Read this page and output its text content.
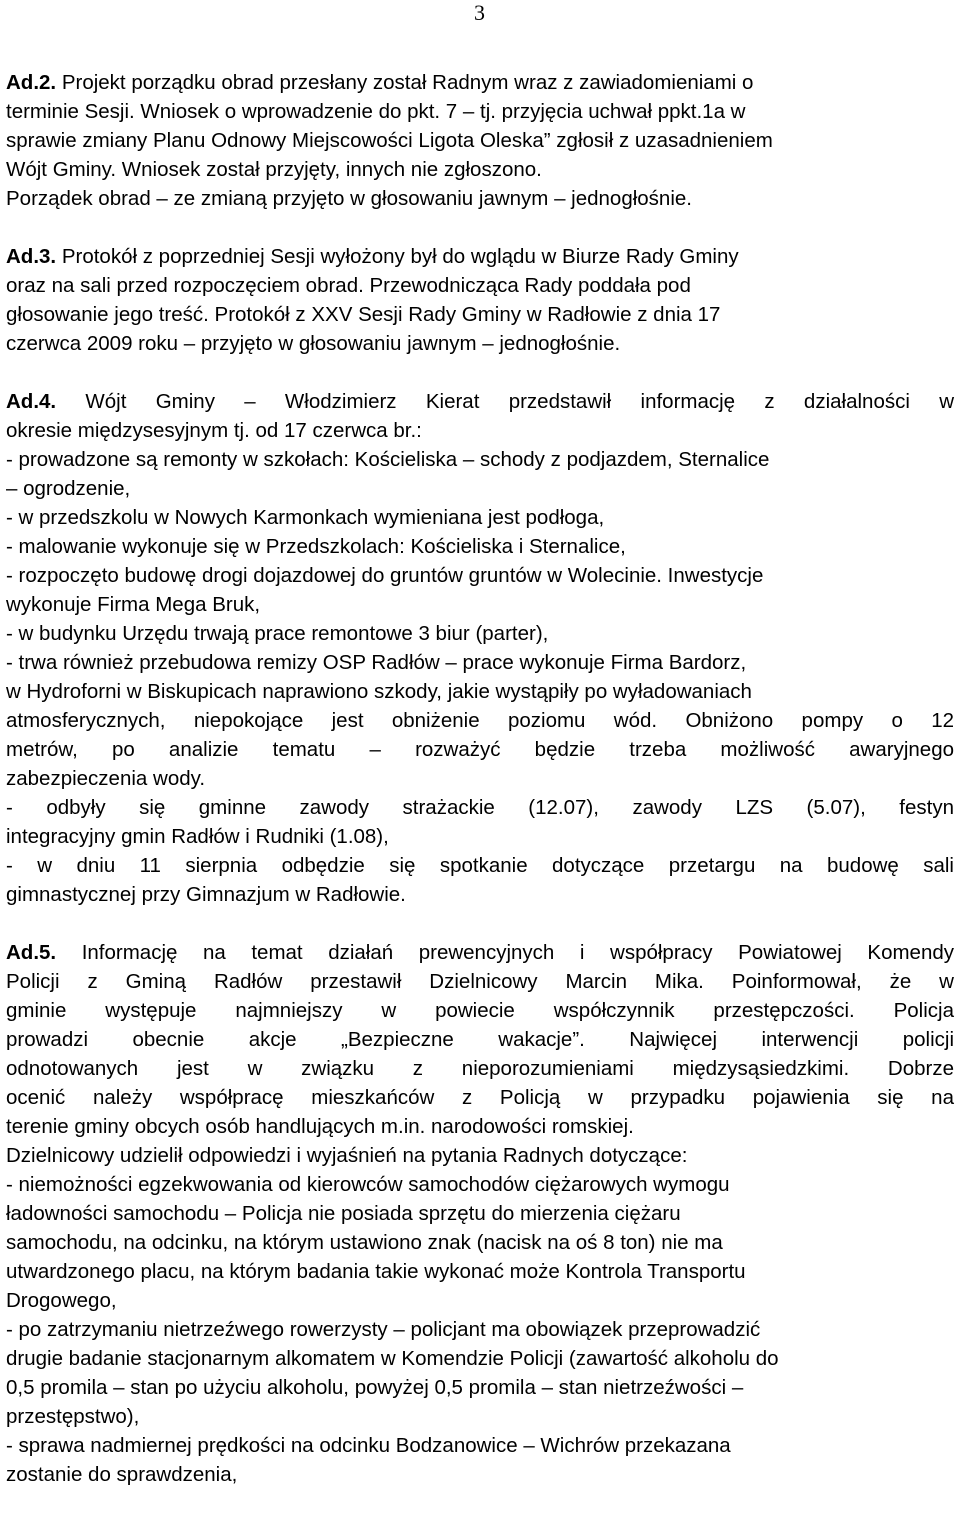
3
Ad.2. Projekt porządku obrad przesłany został Radnym wraz z zawiadomieniami o
terminie Sesji. Wniosek o wprowadzenie do pkt. 7 – tj. przyjęcia uchwał ppkt.1a w
sprawie zmiany Planu Odnowy Miejscowości Ligota Oleska” zgłosił z uzasadnieniem
Wójt Gminy. Wniosek został przyjęty, innych nie zgłoszono.
Porządek obrad – ze zmianą przyjęto w głosowaniu jawnym – jednogłośnie.
Ad.3. Protokół z poprzedniej Sesji wyłożony był do wglądu w Biurze Rady Gminy
oraz na sali przed rozpoczęciem obrad. Przewodnicząca Rady poddała pod
głosowanie jego treść. Protokół z XXV Sesji Rady Gminy w Radłowie z dnia 17
czerwca 2009 roku – przyjęto w głosowaniu jawnym – jednogłośnie.
Ad.4. Wójt Gminy – Włodzimierz Kierat przedstawił informację z działalności w
okresie międzysesyjnym tj. od 17 czerwca br.:
- prowadzone są remonty w szkołach: Kościeliska – schody z podjazdem, Sternalice
– ogrodzenie,
- w przedszkolu w Nowych Karmonkach wymieniana jest podłoga,
- malowanie wykonuje się w Przedszkolach: Kościeliska i Sternalice,
- rozpoczęto budowę drogi dojazdowej do gruntów gruntów w Wolecinie. Inwestycje
wykonuje Firma Mega Bruk,
- w budynku Urzędu trwają prace remontowe 3 biur (parter),
- trwa również przebudowa remizy OSP Radłów – prace wykonuje Firma Bardorz,
w Hydroforni w Biskupicach naprawiono szkody, jakie wystąpiły po wyładowaniach
atmosferycznych, niepokojące jest obniżenie poziomu wód. Obniżono pompy o 12
metrów, po analizie tematu – rozważyć będzie trzeba możliwość awaryjnego
zabezpieczenia wody.
- odbyły się gminne zawody strażackie (12.07), zawody LZS (5.07), festyn
integracyjny gmin Radłów i Rudniki (1.08),
- w dniu 11 sierpnia odbędzie się spotkanie dotyczące przetargu na budowę sali
gimnastycznej przy Gimnazjum w Radłowie.
Ad.5. Informację na temat działań prewencyjnych i współpracy Powiatowej Komendy
Policji z Gminą Radłów przestawił Dzielnicowy Marcin Mika. Poinformował, że w
gminie występuje najmniejszy w powiecie współczynnik przestępczości. Policja
prowadzi obecnie akcje „Bezpieczne wakacje”. Najwięcej interwencji policji
odnotowanych jest w związku z nieporozumieniami międzysąsiedzkimi. Dobrze
ocenić należy współpracę mieszkańców z Policją w przypadku pojawienia się na
terenie gminy obcych osób handlujących m.in. narodowości romskiej.
Dzielnicowy udzielił odpowiedzi i wyjaśnień na pytania Radnych dotyczące:
- niemożności egzekwowania od kierowców samochodów ciężarowych wymogu
ładowności samochodu – Policja nie posiada sprzętu do mierzenia ciężaru
samochodu, na odcinku, na którym ustawiono znak (nacisk na oś 8 ton) nie ma
utwardzonego placu, na którym badania takie wykonać może Kontrola Transportu
Drogowego,
- po zatrzymaniu nietrzeźwego rowerzysty – policjant ma obowiązek przeprowadzić
drugie badanie stacjonarnym alkomatem w Komendzie Policji (zawartość alkoholu do
0,5 promila – stan po użyciu alkoholu, powyżej 0,5 promila – stan nietrzeźwości –
przestępstwo),
- sprawa nadmiernej prędkości na odcinku Bodzanowice – Wichrów przekazana
zostanie do sprawdzenia,
